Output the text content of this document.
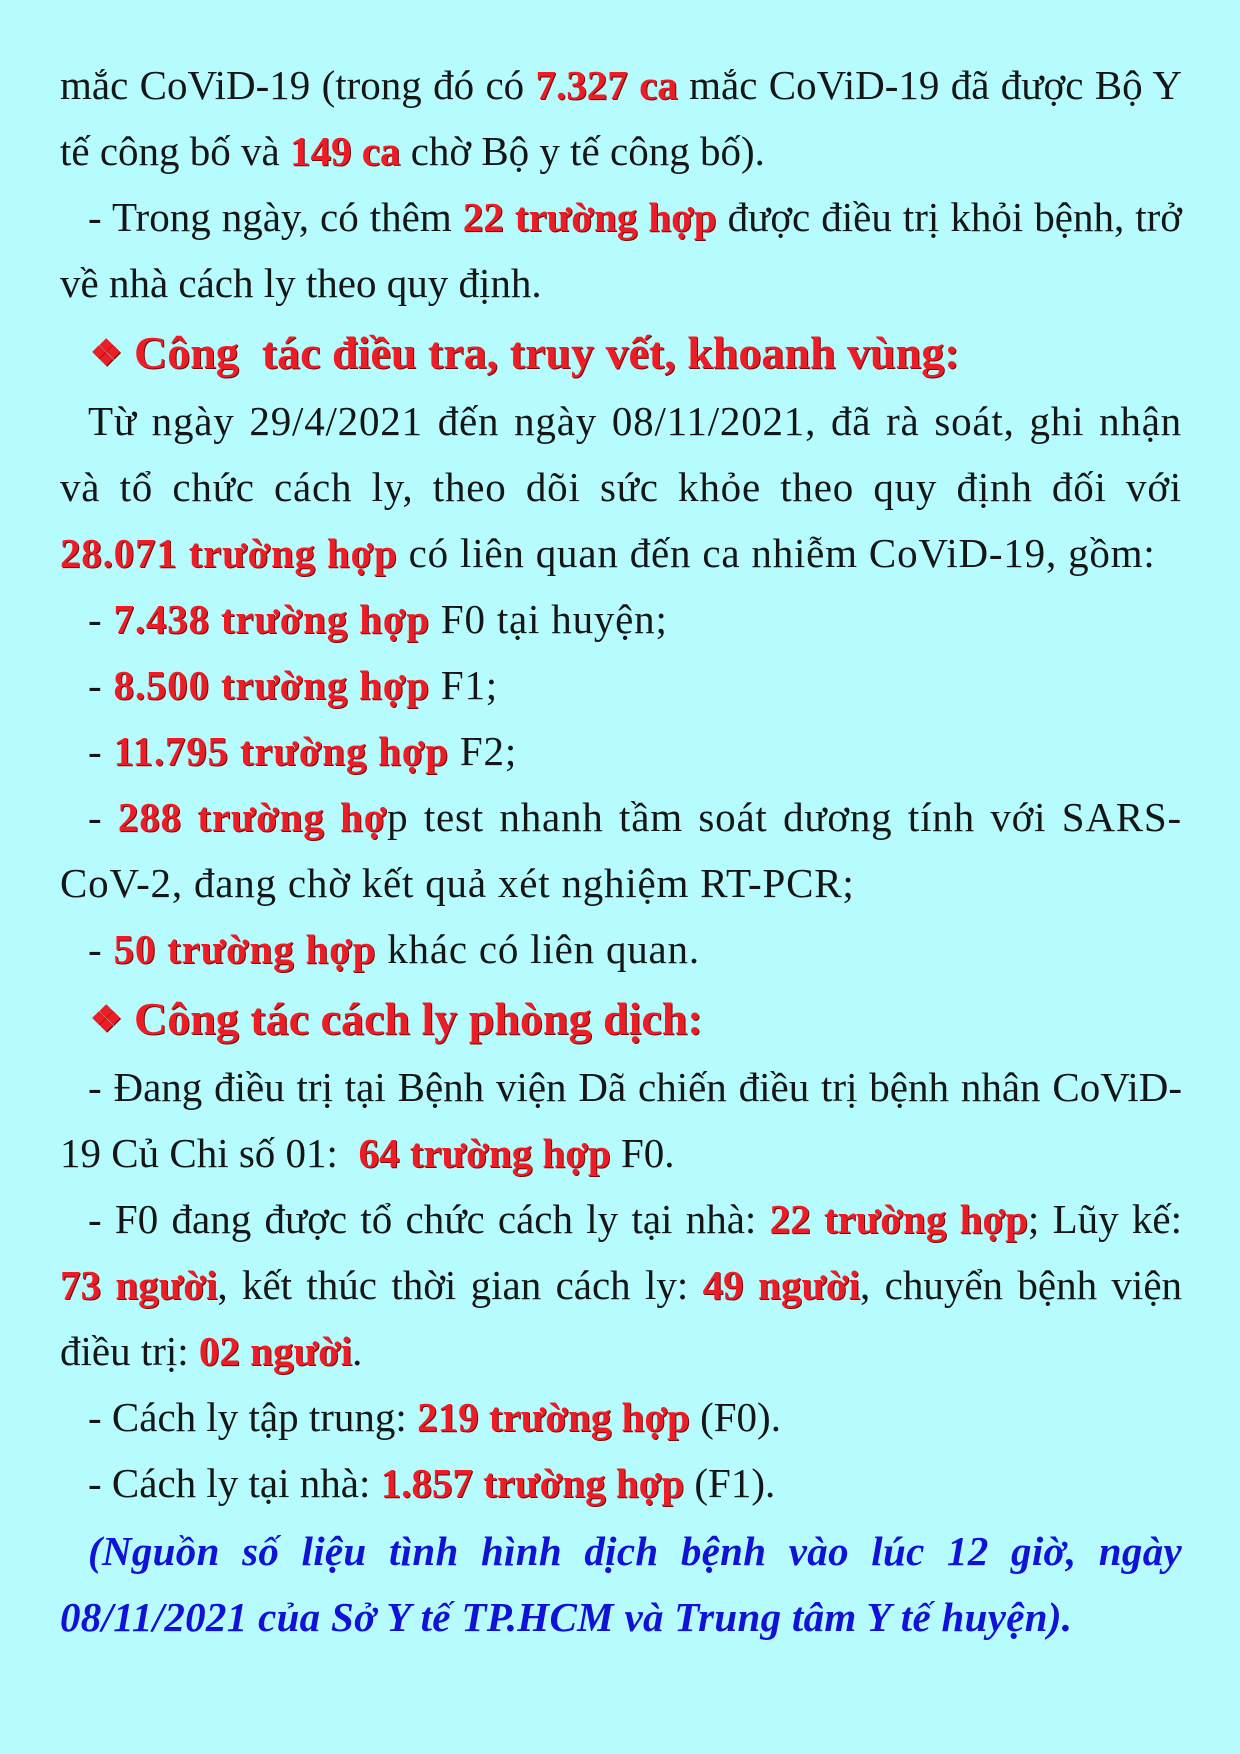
mắc CoViD-19 (trong đó có 7.327 ca mắc CoViD-19 đã được Bộ Y tế công bố và 149 ca chờ Bộ y tế công bố).

- Trong ngày, có thêm 22 trường hợp được điều trị khỏi bệnh, trở về nhà cách ly theo quy định.

❖ Công  tác điều tra, truy vết, khoanh vùng:

Từ ngày 29/4/2021 đến ngày 08/11/2021, đã rà soát, ghi nhận và tổ chức cách ly, theo dõi sức khỏe theo quy định đối với 28.071 trường hợp có liên quan đến ca nhiễm CoViD-19, gồm:

- 7.438 trường hợp F0 tại huyện;

- 8.500 trường hợp F1;

- 11.795 trường hợp F2;

- 288 trường hợp test nhanh tầm soát dương tính với SARS-CoV-2, đang chờ kết quả xét nghiệm RT-PCR;

- 50 trường hợp khác có liên quan.

❖ Công tác cách ly phòng dịch:

- Đang điều trị tại Bệnh viện Dã chiến điều trị bệnh nhân CoViD-19 Củ Chi số 01:  64 trường hợp F0.

- F0 đang được tổ chức cách ly tại nhà: 22 trường hợp; Lũy kế: 73 người, kết thúc thời gian cách ly: 49 người, chuyển bệnh viện điều trị: 02 người.

- Cách ly tập trung: 219 trường hợp (F0).

- Cách ly tại nhà: 1.857 trường hợp (F1).

(Nguồn số liệu tình hình dịch bệnh vào lúc 12 giờ, ngày 08/11/2021 của Sở Y tế TP.HCM và Trung tâm Y tế huyện).
